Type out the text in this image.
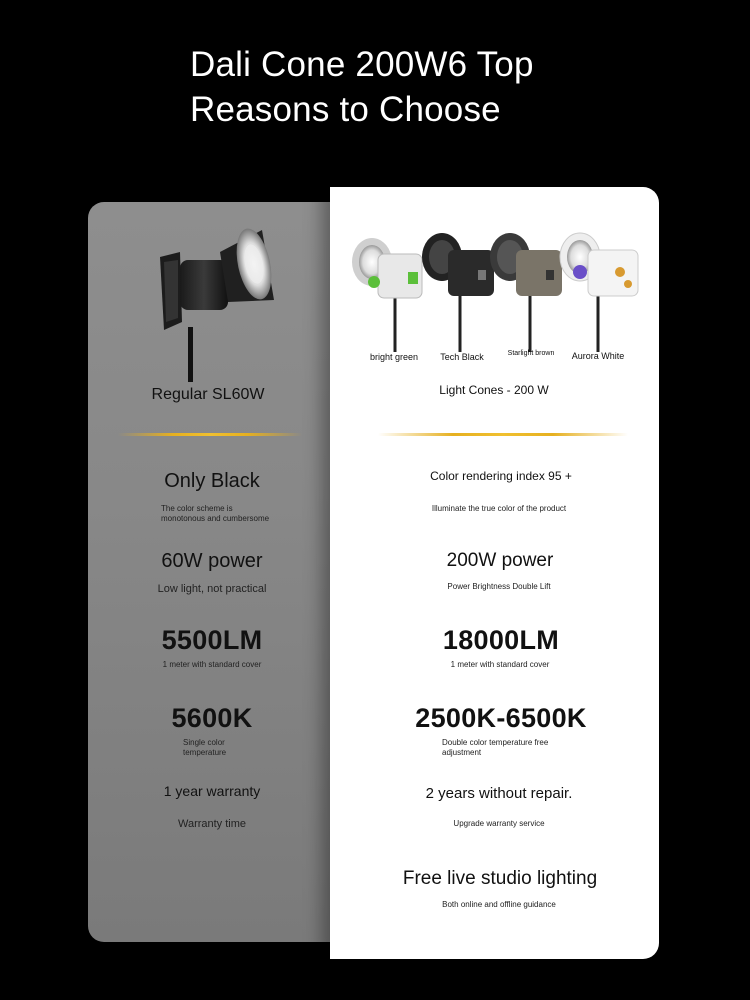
Dali Cone 200W6 Top
Reasons to Choose
Regular SL60W
Only Black
The color scheme is
monotonous and cumbersome
60W power
Low light, not practical
5500LM
1 meter with standard cover
5600K
Single color
temperature
1 year warranty
Warranty time
bright green Tech Black	Starlight brown Aurora White
Light Cones - 200 W
Color rendering index 95 +
Illuminate the true color of the product
200W power
Power Brightness Double Lift
18000LM
1 meter with standard cover
2500K-6500K
Double color temperature free
adjustment
2 years without repair.
Upgrade warranty service
Free live studio lighting
Both online and offline guidance
